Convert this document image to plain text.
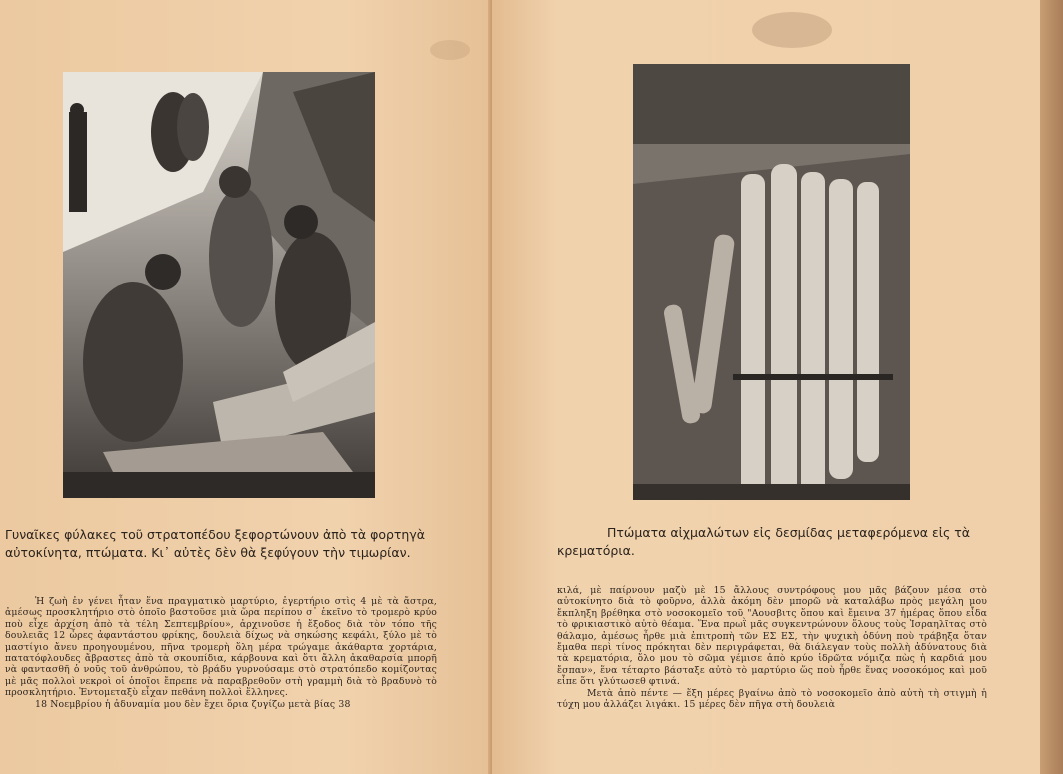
Γυναῖκες φύλακες τοῦ στρατοπέδου ξεφορτώνουν ἀπὸ τὰ φορτηγὰ
αὐτοκίνητα, πτώματα. Κι᾽ αὐτὲς δὲν θὰ ξεφύγουν τὴν τιμωρίαν.

Ἡ ζωὴ ἐν γένει ἦταν ἕνα πραγματικὸ μαρτύριο, ἐγερτήριο στὶς 4 μὲ τὰ ἄστρα, ἀμέσως προσκλητήριο στὸ ὁποῖο βαστοῦσε μιὰ ὥρα περίπου σ᾽ ἐκεῖνο τὸ τρομερὸ κρύο ποὺ εἶχε ἀρχίση ἀπὸ τὰ τέλη Σεπτεμβρίου», ἀρχινοῦσε ἡ ἔξοδος διὰ τὸν τόπο τῆς δουλειᾶς 12 ὧρες ἀφαντάστου φρίκης, δουλειὰ δίχως νὰ σηκώσης κεφάλι, ξύλο μὲ τὸ μαστίγιο ἄνευ προηγουμένου, πῆνα τρομερὴ ὅλη μέρα τρώγαμε ἀκάθαρτα χορτάρια, πατατόφλουδες ἄβραστες ἀπὸ τὰ σκουπίδια, κάρβουνα καὶ ὅτι ἄλλη ἀκαθαρσία μπορῆ νὰ φαντασθῆ ὁ νοῦς τοῦ ἀνθρώπου, τὸ βράδυ γυρνούσαμε στὸ στρατόπεδο κομίζοντας μὲ μᾶς πολλοὶ νεκροὶ οἱ ὁποῖοι ἔπρεπε νὰ παραβρεθοῦν στὴ γραμμὴ διὰ τὸ βραδυνὸ τὸ προσκλητήριο. Ἐντομεταξὺ εἶχαν πεθάνη πολλοὶ ἕλληνες.

18 Νοεμβρίου ἡ ἀδυναμία μου δὲν ἔχει ὅρια ζυγίζω μετὰ βίας 38

Πτώματα αἰχμαλώτων εἰς δεσμίδας μεταφερόμενα εἰς τὰ
κρεματόρια.

κιλά, μὲ παίρνουν μαζὺ μὲ 15 ἄλλους συντρόφους μου μᾶς βάζουν μέσα στὸ αὐτοκίνητο διὰ τὸ φοῦρνο, ἀλλὰ ἀκόμη δὲν μπορῶ νὰ καταλάβω πρὸς μεγάλη μου ἔκπληξη βρέθηκα στὸ νοσοκομεῖο τοῦ "Αουσβιτς ὅπου καὶ ἔμεινα 37 ἡμέρας ὅπου εἶδα τὸ φρικιαστικὸ αὐτὸ θέαμα. Ἕνα πρωῒ μᾶς συγκεντρώνουν ὅλους τοὺς Ἰσραηλῖτας στὸ θάλαμο, ἀμέσως ἦρθε μιὰ ἐπιτροπὴ τῶν ΕΣ ΕΣ, τὴν ψυχικὴ ὀδύνη ποὺ τράβηξα ὅταν ἔμαθα περὶ τίνος πρόκηται δὲν περιγράφεται, θὰ διάλεγαν τοὺς πολλὴ ἀδύνατους διὰ τὰ κρεματόρια, ὅλο μου τὸ σῶμα γέμισε ἀπὸ κρύο ἱδρῶτα νόμιζα πὼς ἡ καρδιά μου ἔσπαν», ἕνα τέταρτο βάσταξε αὐτὸ τὸ μαρτύριο ὥς ποὺ ἦρθε ἕνας νοσοκόμος καὶ μοῦ εἶπε ὅτι γλύτωσεθ φτινά.

Μετὰ ἀπὸ πέντε — ἕξη μέρες βγαίνω ἀπὸ τὸ νοσοκομεῖο ἀπὸ αὐτὴ τὴ στιγμὴ ἡ τύχη μου ἀλλάζει λιγάκι. 15 μέρες δὲν πῆγα στὴ δουλειὰ
